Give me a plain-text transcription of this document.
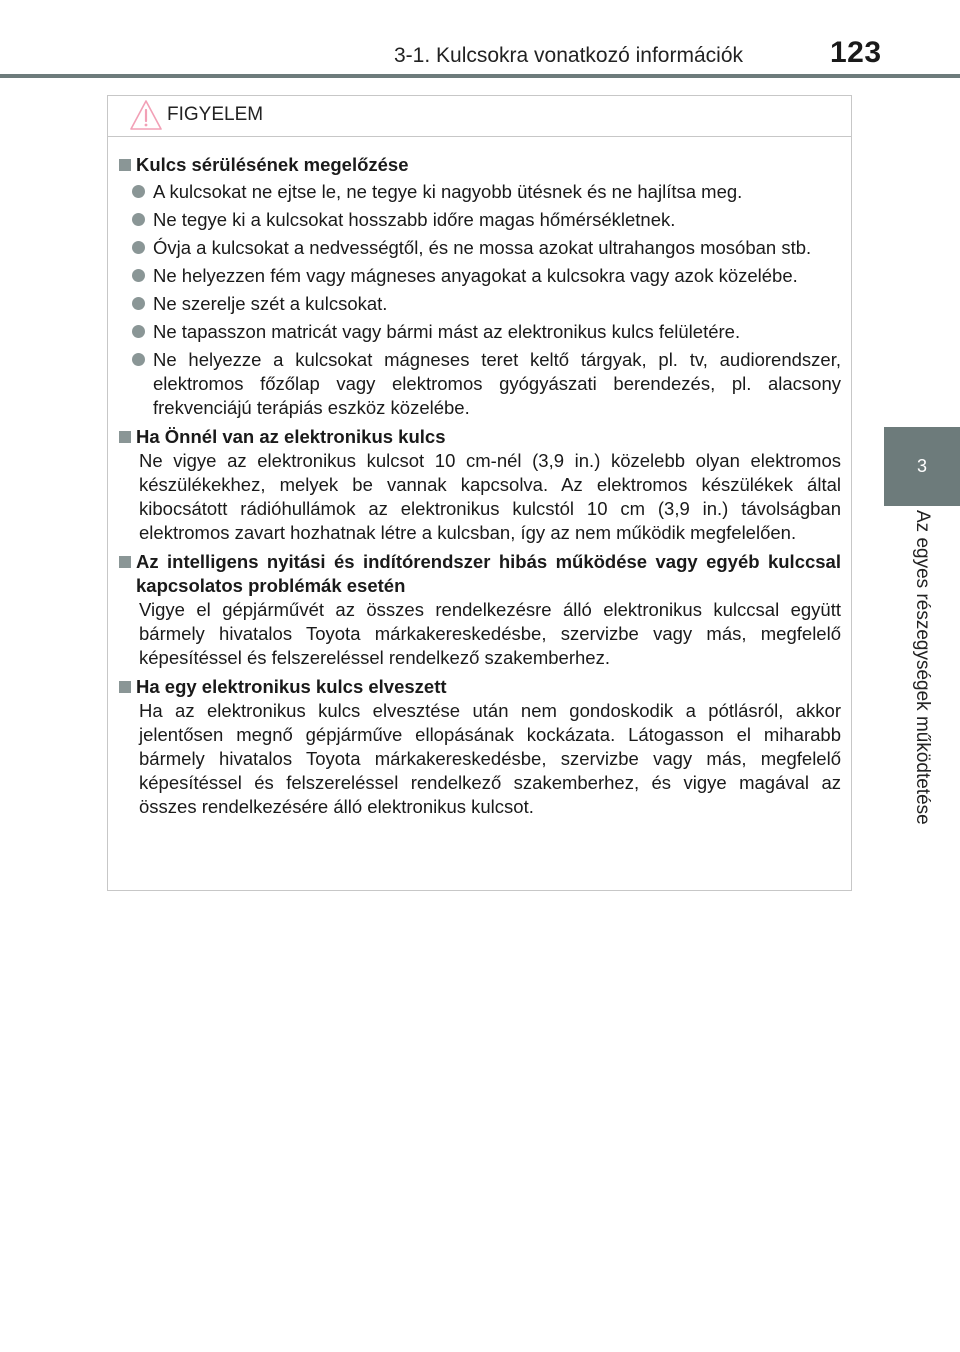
3-1. Kulcsokra vonatkozó információk	123
3
Az egyes részegységek működtetése
FIGYELEM
Kulcs sérülésének megelőzése
A kulcsokat ne ejtse le, ne tegye ki nagyobb ütésnek és ne hajlítsa meg.
Ne tegye ki a kulcsokat hosszabb időre magas hőmérsékletnek.
Óvja a kulcsokat a nedvességtől, és ne mossa azokat ultrahangos mosóban stb.
Ne helyezzen fém vagy mágneses anyagokat a kulcsokra vagy azok közelébe.
Ne szerelje szét a kulcsokat.
Ne tapasszon matricát vagy bármi mást az elektronikus kulcs felületére.
Ne helyezze a kulcsokat mágneses teret keltő tárgyak, pl. tv, audiorendszer, elektromos főzőlap vagy elektromos gyógyászati berendezés, pl. alacsony frekvenciájú terápiás eszköz közelébe.
Ha Önnél van az elektronikus kulcs
Ne vigye az elektronikus kulcsot 10 cm-nél (3,9 in.) közelebb olyan elektromos készülékekhez, melyek be vannak kapcsolva. Az elektromos készülékek által kibocsátott rádióhullámok az elektronikus kulcstól 10 cm (3,9 in.) távolságban elektromos zavart hozhatnak létre a kulcsban, így az nem működik megfelelően.
Az intelligens nyitási és indítórendszer hibás működése vagy egyéb kulccsal kapcsolatos problémák esetén
Vigye el gépjárművét az összes rendelkezésre álló elektronikus kulccsal együtt bármely hivatalos Toyota márkakereskedésbe, szervizbe vagy más, megfelelő képesítéssel és felszereléssel rendelkező szakemberhez.
Ha egy elektronikus kulcs elveszett
Ha az elektronikus kulcs elvesztése után nem gondoskodik a pótlásról, akkor jelentősen megnő gépjárműve ellopásának kockázata. Látogasson el miharabb bármely hivatalos Toyota márkakereskedésbe, szervizbe vagy más, megfelelő képesítéssel és felszereléssel rendelkező szakemberhez, és vigye magával az összes rendelkezésére álló elektronikus kulcsot.
